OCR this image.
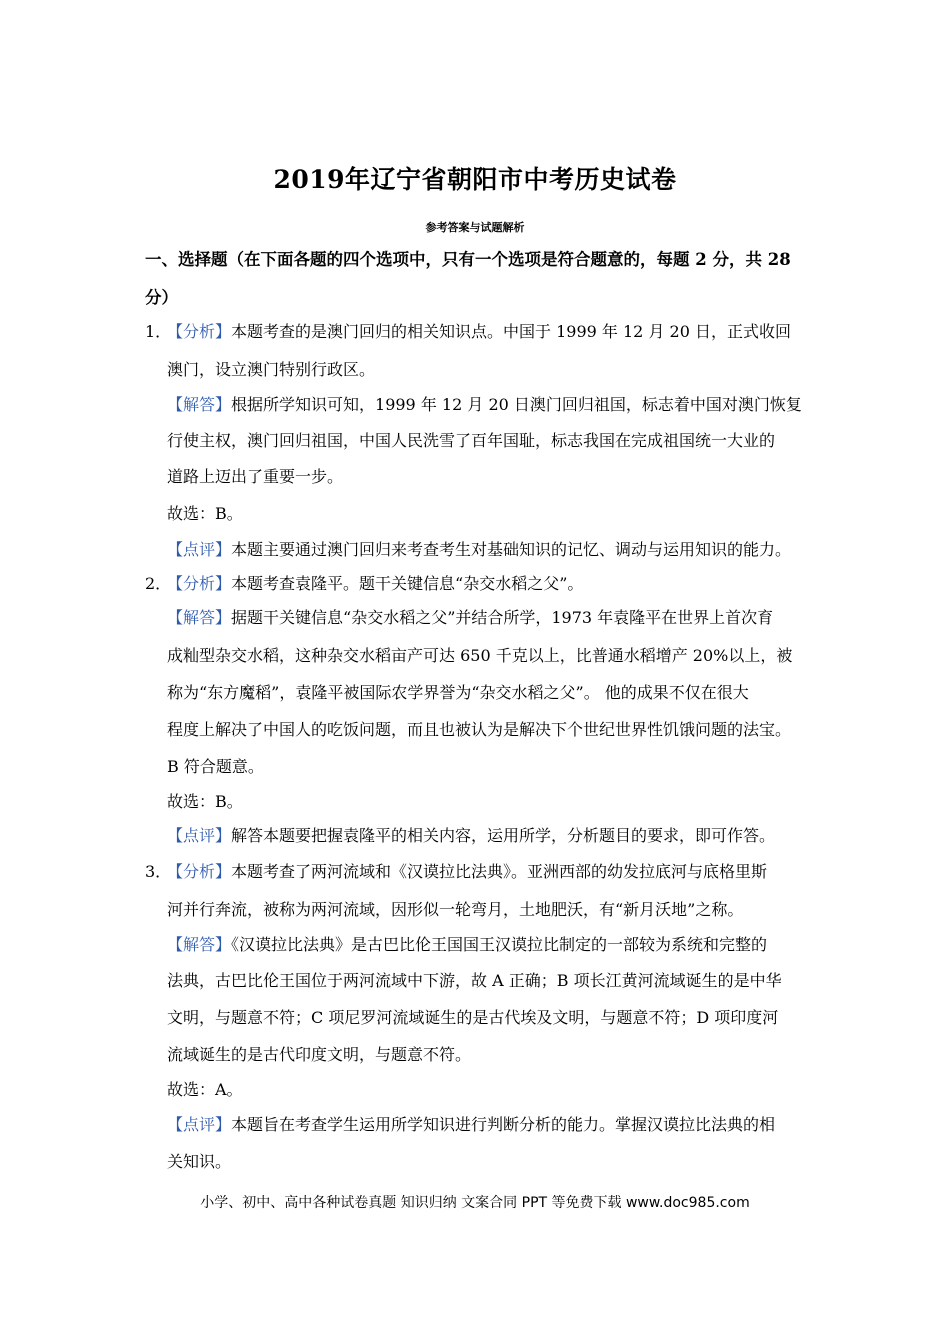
2019年辽宁省朝阳市中考历史试卷
参考答案与试题解析
一、选择题（在下面各题的四个选项中，只有一个选项是符合题意的，每题 2 分，共 28
分）
1．
【分析】本题考查的是澳门回归的相关知识点。中国于 1999 年 12 月 20 日，正式收回
澳门，设立澳门特别行政区。
【解答】根据所学知识可知，1999 年 12 月 20 日澳门回归祖国，标志着中国对澳门恢复
行使主权，澳门回归祖国，中国人民洗雪了百年国耻，标志我国在完成祖国统一大业的
道路上迈出了重要一步。
故选：B。
【点评】本题主要通过澳门回归来考查考生对基础知识的记忆、调动与运用知识的能力。
2．
【分析】本题考查袁隆平。题干关键信息“杂交水稻之父”。
【解答】据题干关键信息“杂交水稻之父”并结合所学，1973 年袁隆平在世界上首次育
成籼型杂交水稻，这种杂交水稻亩产可达 650 千克以上，比普通水稻增产 20%以上，被
称为“东方魔稻”，袁隆平被国际农学界誉为“杂交水稻之父”。 他的成果不仅在很大
程度上解决了中国人的吃饭问题，而且也被认为是解决下个世纪世界性饥饿问题的法宝。
B 符合题意。
故选：B。
【点评】解答本题要把握袁隆平的相关内容，运用所学，分析题目的要求，即可作答。
3．
【分析】本题考查了两河流域和《汉谟拉比法典》。亚洲西部的幼发拉底河与底格里斯
河并行奔流，被称为两河流域，因形似一轮弯月，土地肥沃，有“新月沃地”之称。
【解答】《汉谟拉比法典》是古巴比伦王国国王汉谟拉比制定的一部较为系统和完整的
法典，古巴比伦王国位于两河流域中下游，故 A 正确；B 项长江黄河流域诞生的是中华
文明，与题意不符；C 项尼罗河流域诞生的是古代埃及文明，与题意不符；D 项印度河
流域诞生的是古代印度文明，与题意不符。
故选：A。
【点评】本题旨在考查学生运用所学知识进行判断分析的能力。掌握汉谟拉比法典的相
关知识。
小学、初中、高中各种试卷真题 知识归纳 文案合同 PPT 等免费下载 www.doc985.com
